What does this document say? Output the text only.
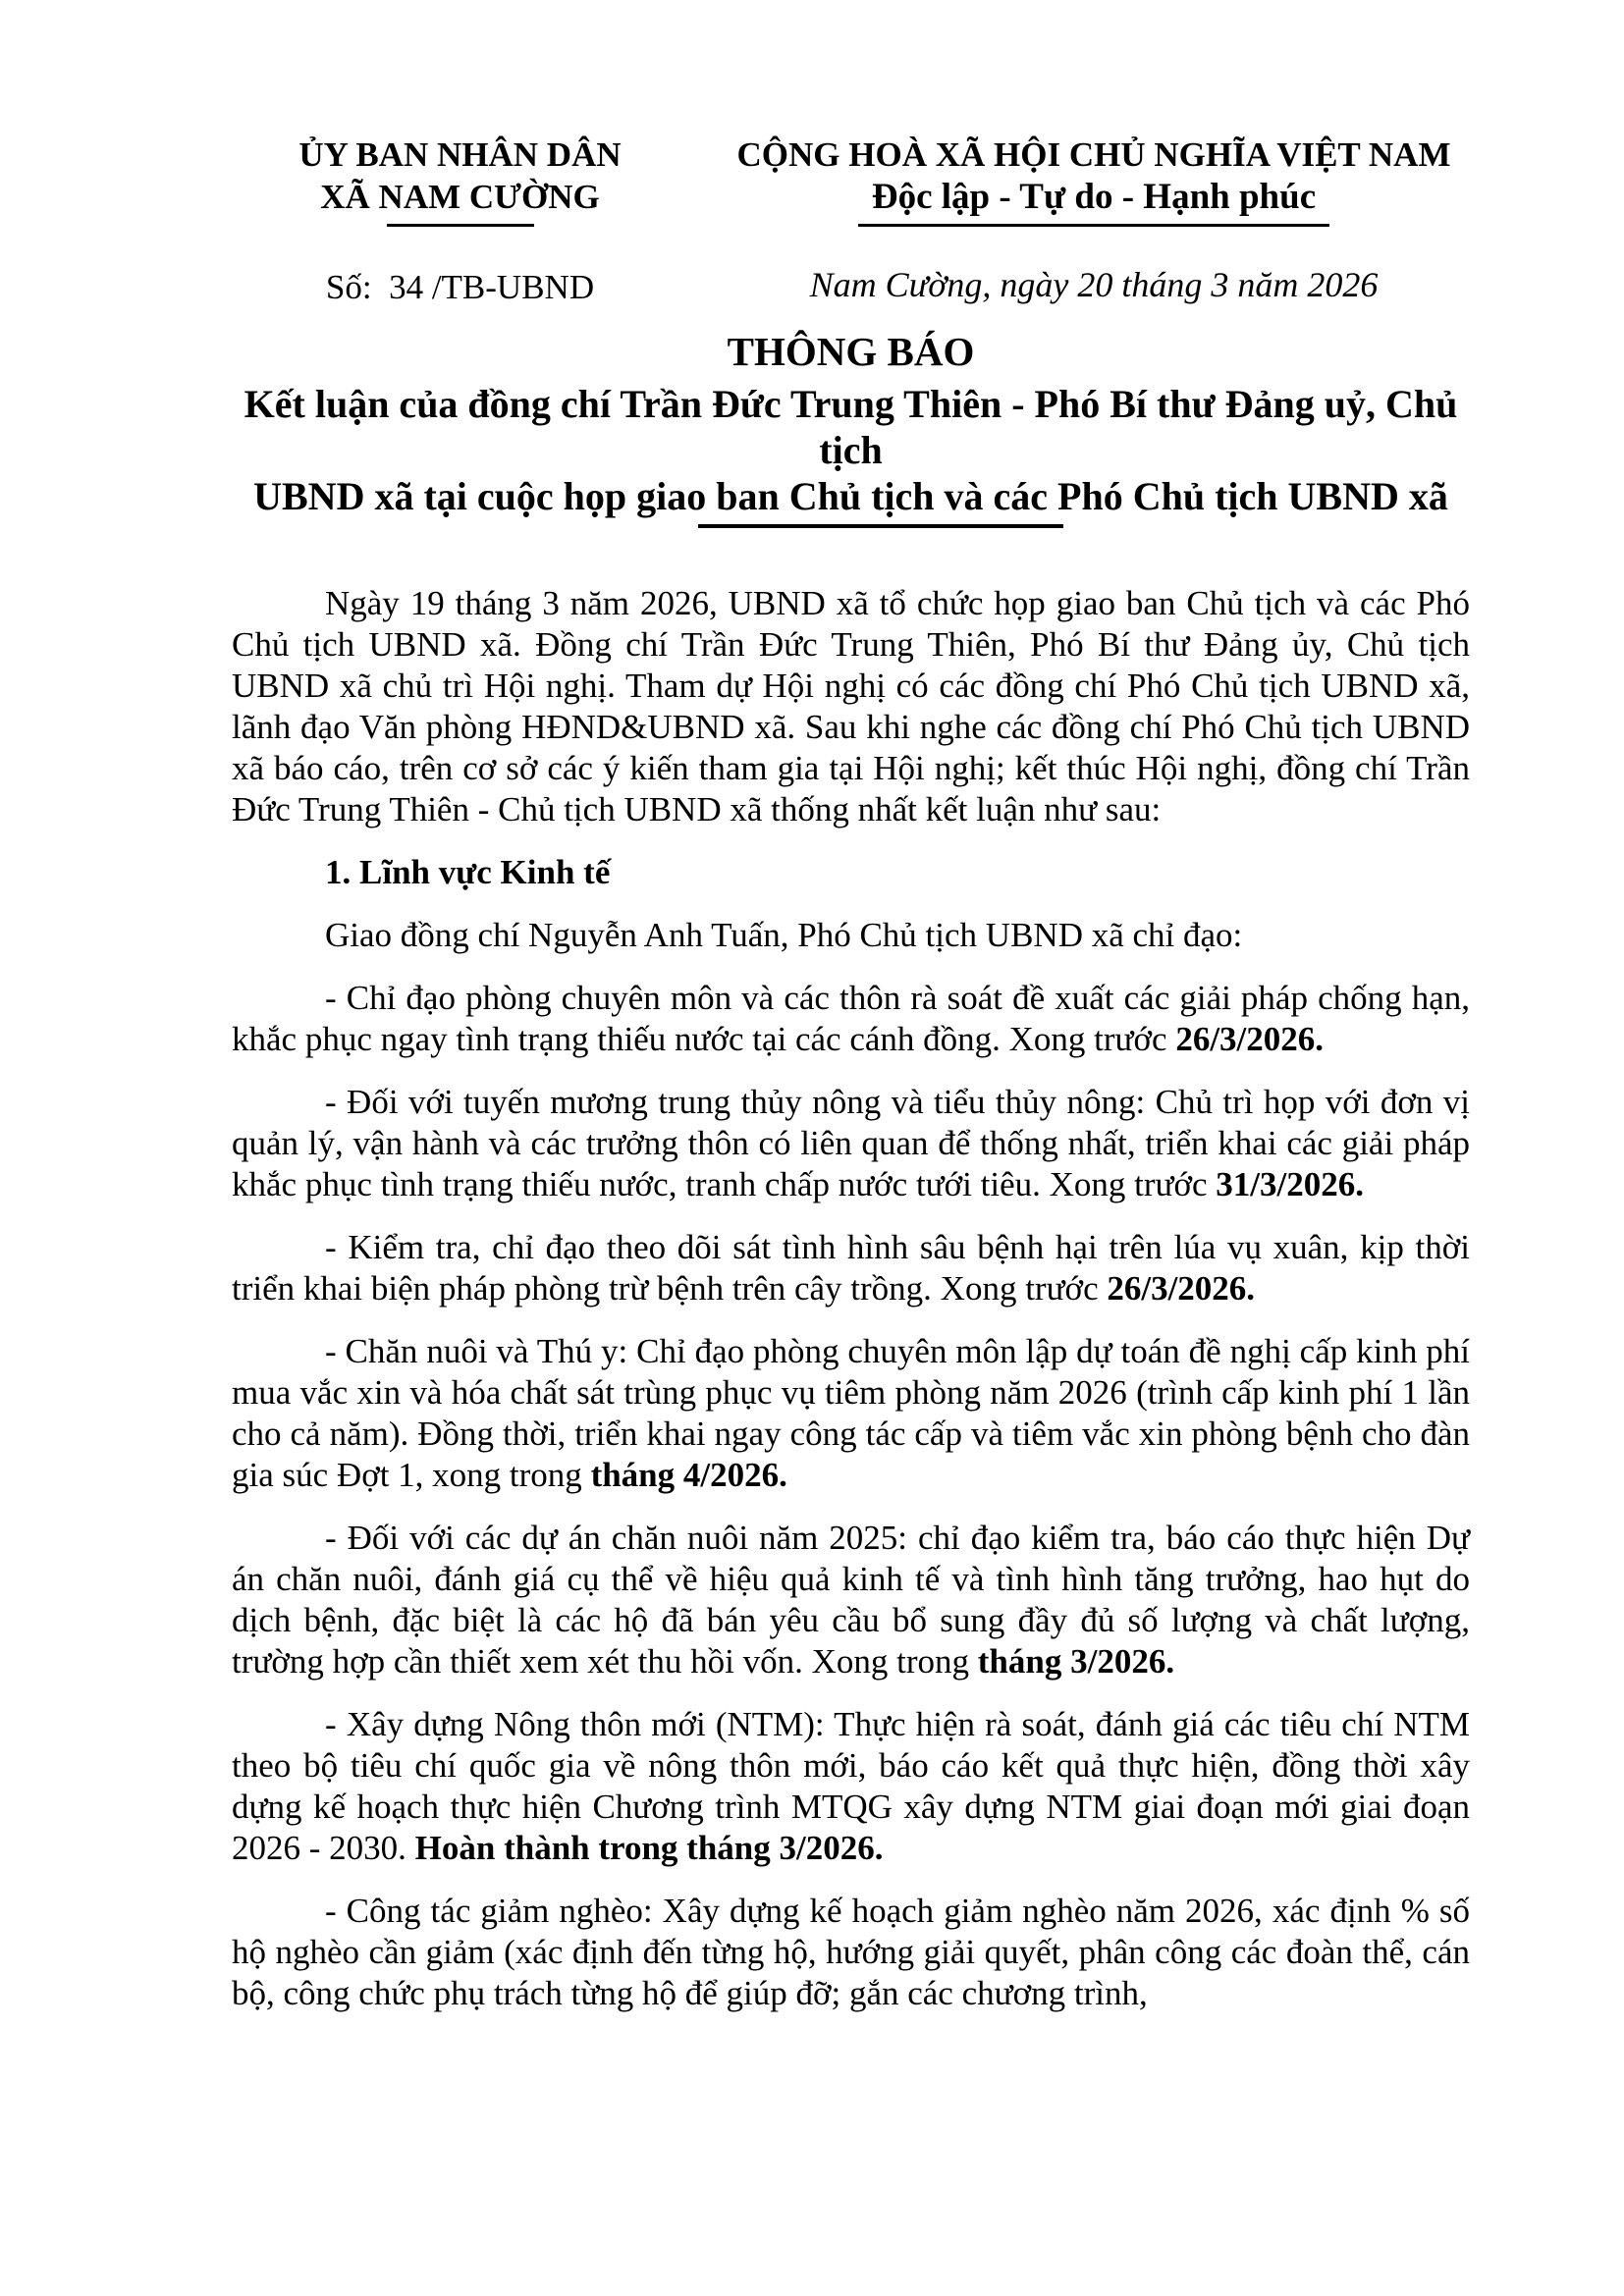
ỦY BAN NHÂN DÂN
XÃ NAM CƯỜNG
Số:  34 /TB-UBND
CỘNG HOÀ XÃ HỘI CHỦ NGHĨA VIỆT NAM
Độc lập - Tự do - Hạnh phúc
Nam Cường, ngày 20 tháng 3 năm 2026
THÔNG BÁO
Kết luận của đồng chí Trần Đức Trung Thiên - Phó Bí thư Đảng uỷ, Chủ tịch
UBND xã tại cuộc họp giao ban Chủ tịch và các Phó Chủ tịch UBND xã

Ngày 19 tháng 3 năm 2026, UBND xã tổ chức họp giao ban Chủ tịch và các Phó Chủ tịch UBND xã. Đồng chí Trần Đức Trung Thiên, Phó Bí thư Đảng ủy, Chủ tịch UBND xã chủ trì Hội nghị. Tham dự Hội nghị có các đồng chí Phó Chủ tịch UBND xã, lãnh đạo Văn phòng HĐND&UBND xã. Sau khi nghe các đồng chí Phó Chủ tịch UBND xã báo cáo, trên cơ sở các ý kiến tham gia tại Hội nghị; kết thúc Hội nghị, đồng chí Trần Đức Trung Thiên - Chủ tịch UBND xã thống nhất kết luận như sau:

1. Lĩnh vực Kinh tế

Giao đồng chí Nguyễn Anh Tuấn, Phó Chủ tịch UBND xã chỉ đạo:

- Chỉ đạo phòng chuyên môn và các thôn rà soát đề xuất các giải pháp chống hạn, khắc phục ngay tình trạng thiếu nước tại các cánh đồng. Xong trước 26/3/2026.

- Đối với tuyến mương trung thủy nông và tiểu thủy nông: Chủ trì họp với đơn vị quản lý, vận hành và các trưởng thôn có liên quan để thống nhất, triển khai các giải pháp khắc phục tình trạng thiếu nước, tranh chấp nước tưới tiêu. Xong trước 31/3/2026.

- Kiểm tra, chỉ đạo theo dõi sát tình hình sâu bệnh hại trên lúa vụ xuân, kịp thời triển khai biện pháp phòng trừ bệnh trên cây trồng. Xong trước 26/3/2026.

- Chăn nuôi và Thú y: Chỉ đạo phòng chuyên môn lập dự toán đề nghị cấp kinh phí mua vắc xin và hóa chất sát trùng phục vụ tiêm phòng năm 2026 (trình cấp kinh phí 1 lần cho cả năm). Đồng thời, triển khai ngay công tác cấp và tiêm vắc xin phòng bệnh cho đàn gia súc Đợt 1, xong trong tháng 4/2026.

- Đối với các dự án chăn nuôi năm 2025: chỉ đạo kiểm tra, báo cáo thực hiện Dự án chăn nuôi, đánh giá cụ thể về hiệu quả kinh tế và tình hình tăng trưởng, hao hụt do dịch bệnh, đặc biệt là các hộ đã bán yêu cầu bổ sung đầy đủ số lượng và chất lượng, trường hợp cần thiết xem xét thu hồi vốn. Xong trong tháng 3/2026.

- Xây dựng Nông thôn mới (NTM): Thực hiện rà soát, đánh giá các tiêu chí NTM theo bộ tiêu chí quốc gia về nông thôn mới, báo cáo kết quả thực hiện, đồng thời xây dựng kế hoạch thực hiện Chương trình MTQG xây dựng NTM giai đoạn mới giai đoạn 2026 - 2030. Hoàn thành trong tháng 3/2026.

- Công tác giảm nghèo: Xây dựng kế hoạch giảm nghèo năm 2026, xác định % số hộ nghèo cần giảm (xác định đến từng hộ, hướng giải quyết, phân công các đoàn thể, cán bộ, công chức phụ trách từng hộ để giúp đỡ; gắn các chương trình,
